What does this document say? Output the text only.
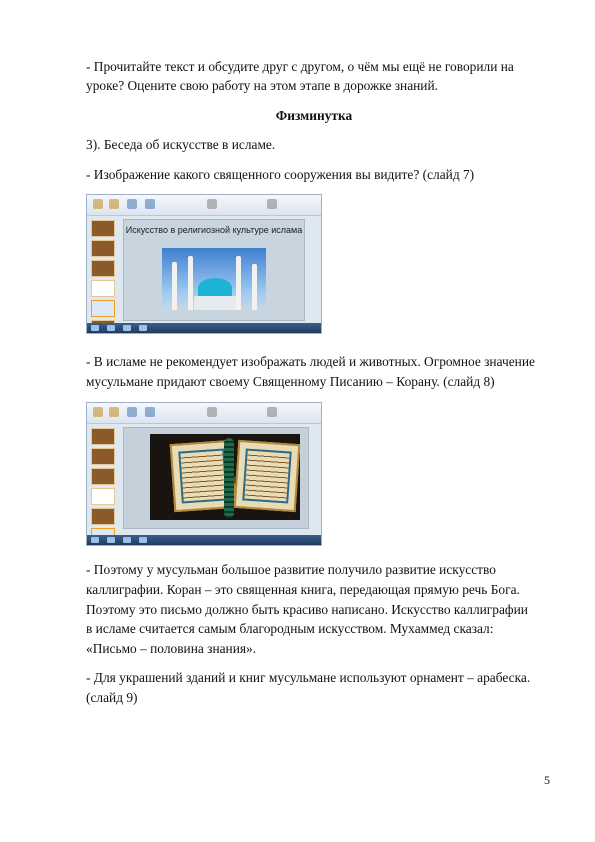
- Прочитайте текст и обсудите друг с другом, о чём мы ещё не говорили на

уроке? Оцените свою работу на этом этапе в дорожке знаний.

Физминутка

3). Беседа об искусстве в исламе.

- Изображение какого священного сооружения вы видите? (слайд 7)

Искусство в религиозной культуре ислама

- В исламе не рекомендует изображать людей и животных. Огромное значение

мусульмане придают своему Священному Писанию – Корану. (слайд 8)

- Поэтому у мусульман большое развитие получило развитие искусство

каллиграфии. Коран – это священная книга, передающая прямую речь Бога.

Поэтому это письмо должно быть красиво написано. Искусство каллиграфии

в исламе считается самым благородным искусством. Мухаммед сказал:

«Письмо – половина знания».

- Для украшений зданий и книг мусульмане используют орнамент – арабеска.

(слайд 9)

5
